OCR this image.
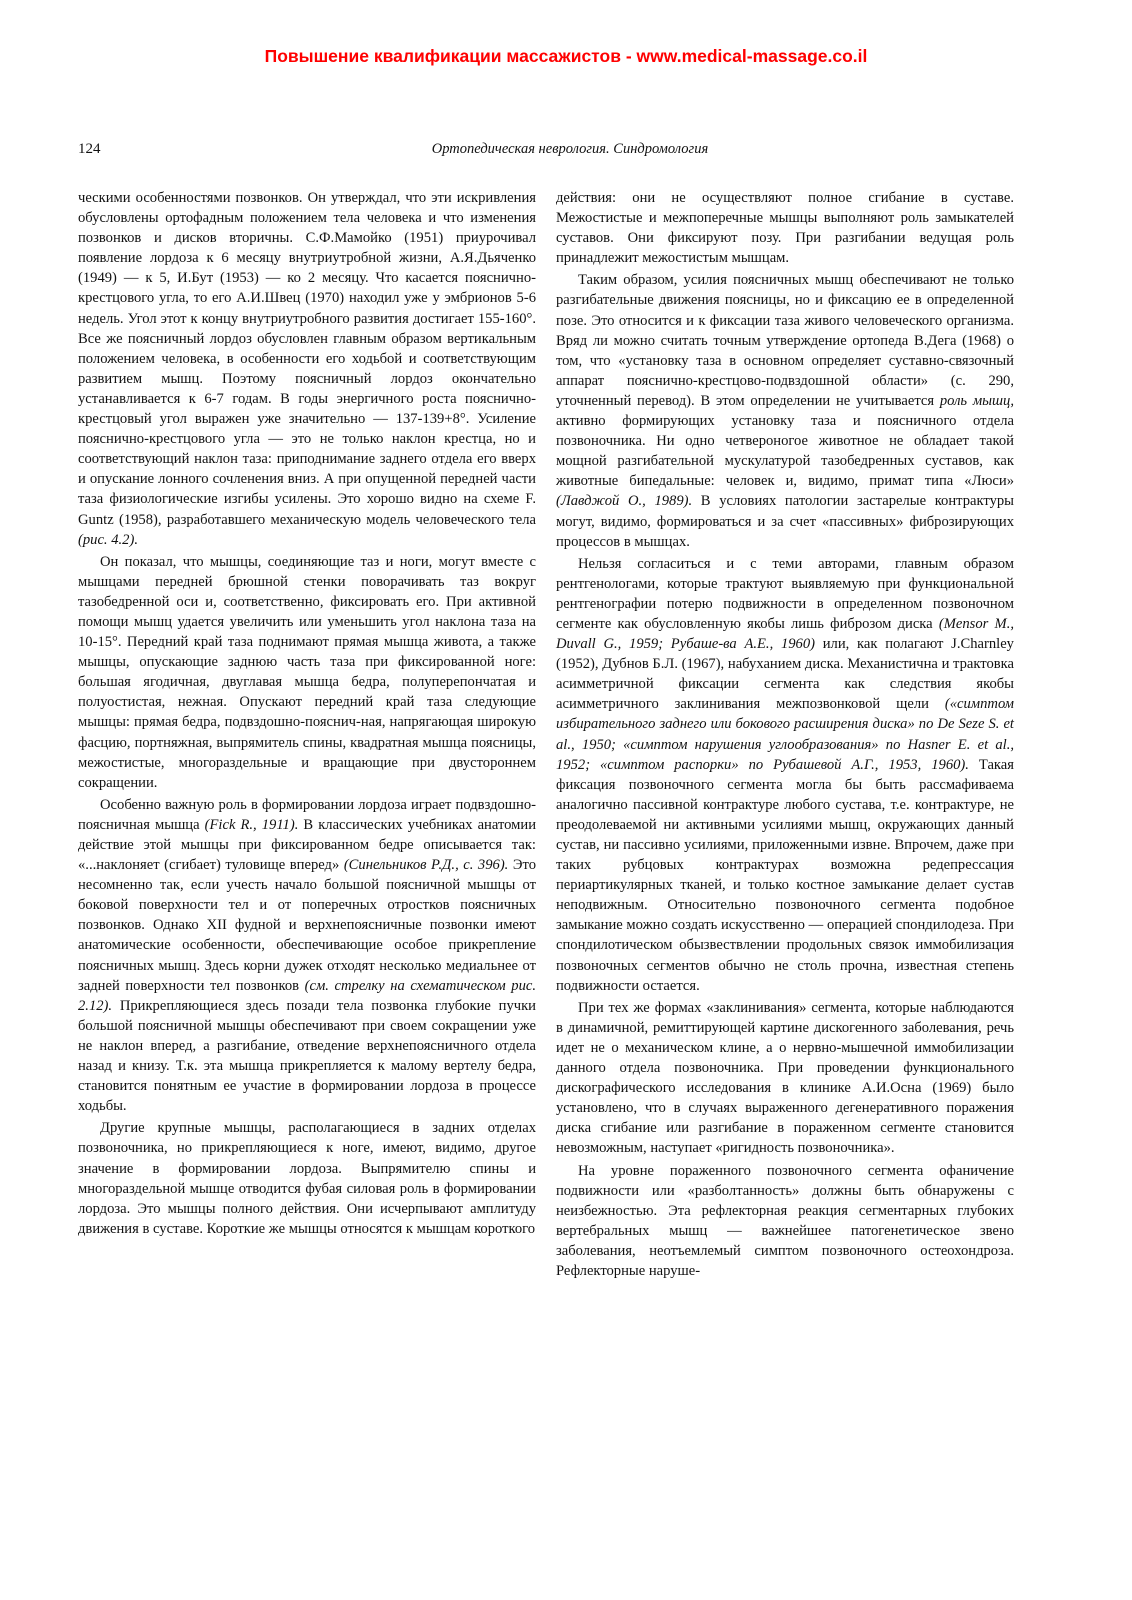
Повышение квалификации массажистов - www.medical-massage.co.il
124	Ортопедическая неврология. Синдромология

ческими особенностями позвонков. Он утверждал, что эти искривления обусловлены ортофадным положением тела человека и что изменения позвонков и дисков вторичны. С.Ф.Мамойко (1951) приурочивал появление лордоза к 6 месяцу внутриутробной жизни, А.Я.Дьяченко (1949) — к 5, И.Бут (1953) — ко 2 месяцу. Что касается пояснично-крестцового угла, то его А.И.Швец (1970) находил уже у эмбрионов 5-6 недель. Угол этот к концу внутриутробного развития достигает 155-160°. Все же поясничный лордоз обусловлен главным образом вертикальным положением человека, в особенности его ходьбой и соответствующим развитием мышц. Поэтому поясничный лордоз окончательно устанавливается к 6-7 годам. В годы энергичного роста пояснично-крестцовый угол выражен уже значительно — 137-139+8°. Усиление пояснично-крестцового угла — это не только наклон крестца, но и соответствующий наклон таза: приподнимание заднего отдела его вверх и опускание лонного сочленения вниз. А при опущенной передней части таза физиологические изгибы усилены. Это хорошо видно на схеме F. Guntz (1958), разработавшего механическую модель человеческого тела (рис. 4.2).

Он показал, что мышцы, соединяющие таз и ноги, могут вместе с мышцами передней брюшной стенки поворачивать таз вокруг тазобедренной оси и, соответственно, фиксировать его. При активной помощи мышц удается увеличить или уменьшить угол наклона таза на 10-15°. Передний край таза поднимают прямая мышца живота, а также мышцы, опускающие заднюю часть таза при фиксированной ноге: большая ягодичная, двуглавая мышца бедра, полуперепончатая и полуостистая, нежная. Опускают передний край таза следующие мышцы: прямая бедра, подвздошно-пояснич-ная, напрягающая широкую фасцию, портняжная, выпрямитель спины, квадратная мышца поясницы, межостистые, многораздельные и вращающие при двустороннем сокращении.

Особенно важную роль в формировании лордоза играет подвздошно-поясничная мышца (Fick R., 1911). В классических учебниках анатомии действие этой мышцы при фиксированном бедре описывается так: «...наклоняет (сгибает) туловище вперед» (Синельников Р.Д., с. 396). Это несомненно так, если учесть начало большой поясничной мышцы от боковой поверхности тел и от поперечных отростков поясничных позвонков. Однако XII фудной и верхнепоясничные позвонки имеют анатомические особенности, обеспечивающие особое прикрепление поясничных мышц. Здесь корни дужек отходят несколько медиальнее от задней поверхности тел позвонков (см. стрелку на схематическом рис. 2.12). Прикрепляющиеся здесь позади тела позвонка глубокие пучки большой поясничной мышцы обеспечивают при своем сокращении уже не наклон вперед, а разгибание, отведение верхнепоясничного отдела назад и книзу. Т.к. эта мышца прикрепляется к малому вертелу бедра, становится понятным ее участие в формировании лордоза в процессе ходьбы.

Другие крупные мышцы, располагающиеся в задних отделах позвоночника, но прикрепляющиеся к ноге, имеют, видимо, другое значение в формировании лордоза. Выпрямителю спины и многораздельной мышце отводится фубая силовая роль в формировании лордоза. Это мышцы полного действия. Они исчерпывают амплитуду движения в суставе. Короткие же мышцы относятся к мышцам короткого

действия: они не осуществляют полное сгибание в суставе. Межостистые и межпоперечные мышцы выполняют роль замыкателей суставов. Они фиксируют позу. При разгибании ведущая роль принадлежит межостистым мышцам.

Таким образом, усилия поясничных мышц обеспечивают не только разгибательные движения поясницы, но и фиксацию ее в определенной позе. Это относится и к фиксации таза живого человеческого организма. Вряд ли можно считать точным утверждение ортопеда В.Дега (1968) о том, что «установку таза в основном определяет суставно-связочный аппарат пояснично-крестцово-подвздошной области» (с. 290, уточненный перевод). В этом определении не учитывается роль мышц, активно формирующих установку таза и поясничного отдела позвоночника. Ни одно четвероногое животное не обладает такой мощной разгибательной мускулатурой тазобедренных суставов, как животные бипедальные: человек и, видимо, примат типа «Люси» (Лавджой О., 1989). В условиях патологии застарелые контрактуры могут, видимо, формироваться и за счет «пассивных» фиброзирующих процессов в мышцах.

Нельзя согласиться и с теми авторами, главным образом рентгенологами, которые трактуют выявляемую при функциональной рентгенографии потерю подвижности в определенном позвоночном сегменте как обусловленную якобы лишь фиброзом диска (Mensor M., Duvall G., 1959; Рубаше-ва А.Е., 1960) или, как полагают J.Charnley (1952), Дубнов Б.Л. (1967), набуханием диска. Механистична и трактовка асимметричной фиксации сегмента как следствия якобы асимметричного заклинивания межпозвонковой щели («симптом избирательного заднего или бокового расширения диска» по De Seze S. et al., 1950; «симптом нарушения углообразования» по Hasner E. et al., 1952; «симптом распорки» по Рубашевой А.Г., 1953, 1960). Такая фиксация позвоночного сегмента могла бы быть рассмафиваема аналогично пассивной контрактуре любого сустава, т.е. контрактуре, не преодолеваемой ни активными усилиями мышц, окружающих данный сустав, ни пассивно усилиями, приложенными извне. Впрочем, даже при таких рубцовых контрактурах возможна редепрессация периартикулярных тканей, и только костное замыкание делает сустав неподвижным. Относительно позвоночного сегмента подобное замыкание можно создать искусственно — операцией спондилодеза. При спондилотическом обызвествлении продольных связок иммобилизация позвоночных сегментов обычно не столь прочна, известная степень подвижности остается.

При тех же формах «заклинивания» сегмента, которые наблюдаются в динамичной, ремиттирующей картине дискогенного заболевания, речь идет не о механическом клине, а о нервно-мышечной иммобилизации данного отдела позвоночника. При проведении функционального дискографического исследования в клинике А.И.Осна (1969) было установлено, что в случаях выраженного дегенеративного поражения диска сгибание или разгибание в пораженном сегменте становится невозможным, наступает «ригидность позвоночника».

На уровне пораженного позвоночного сегмента офаничение подвижности или «разболтанность» должны быть обнаружены с неизбежностью. Эта рефлекторная реакция сегментарных глубоких вертебральных мышц — важнейшее патогенетическое звено заболевания, неотъемлемый симптом позвоночного остеохондроза. Рефлекторные наруше-
